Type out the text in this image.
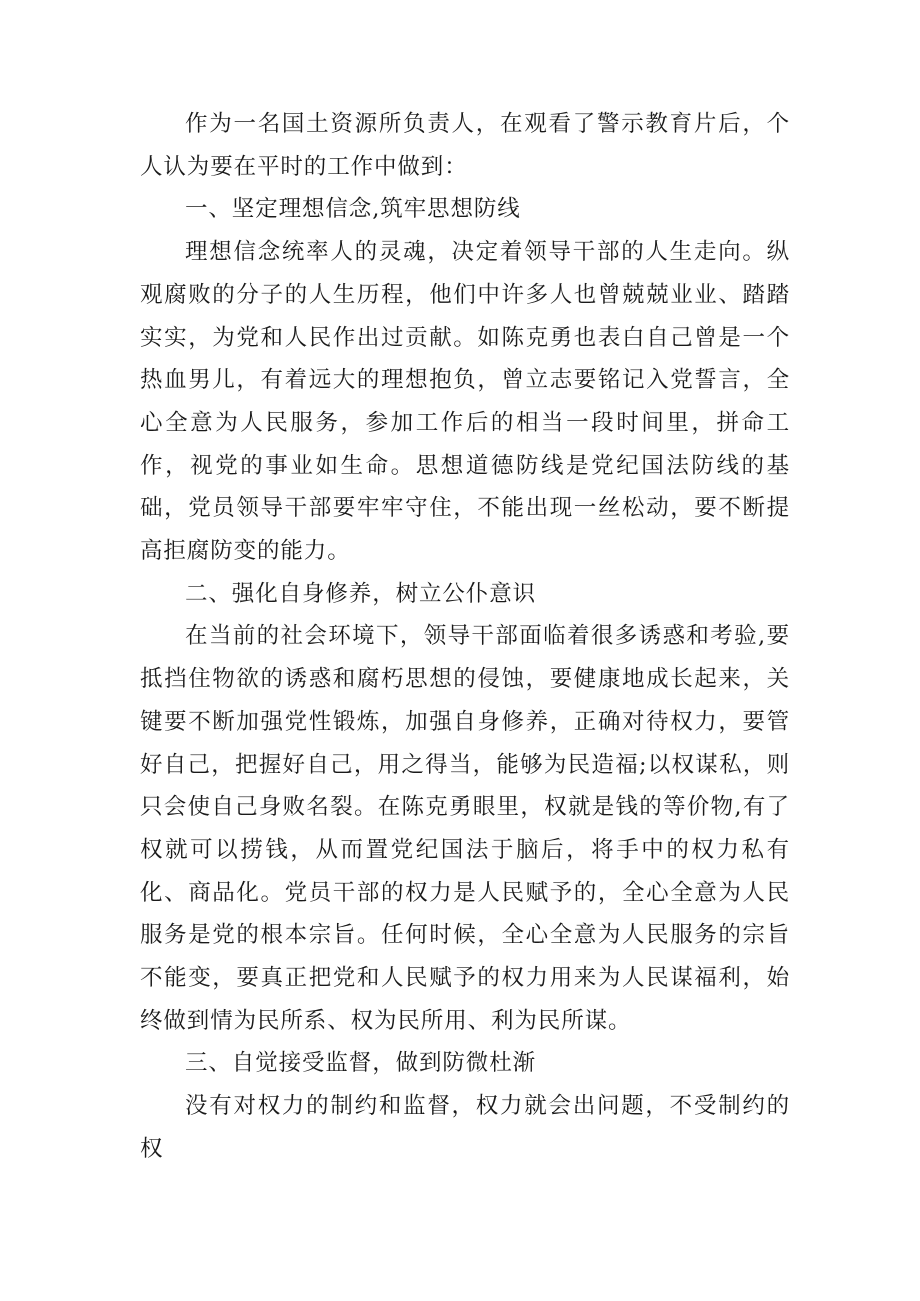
作为一名国土资源所负责人，在观看了警示教育片后，个人认为要在平时的工作中做到：

一、坚定理想信念,筑牢思想防线

理想信念统率人的灵魂，决定着领导干部的人生走向。纵观腐败的分子的人生历程，他们中许多人也曾兢兢业业、踏踏实实，为党和人民作出过贡献。如陈克勇也表白自己曾是一个热血男儿，有着远大的理想抱负，曾立志要铭记入党誓言，全心全意为人民服务，参加工作后的相当一段时间里，拼命工作，视党的事业如生命。思想道德防线是党纪国法防线的基础，党员领导干部要牢牢守住，不能出现一丝松动，要不断提高拒腐防变的能力。

二、强化自身修养，树立公仆意识

在当前的社会环境下，领导干部面临着很多诱惑和考验,要抵挡住物欲的诱惑和腐朽思想的侵蚀，要健康地成长起来，关键要不断加强党性锻炼，加强自身修养，正确对待权力，要管好自己，把握好自己，用之得当，能够为民造福;以权谋私，则只会使自己身败名裂。在陈克勇眼里，权就是钱的等价物,有了权就可以捞钱，从而置党纪国法于脑后，将手中的权力私有化、商品化。党员干部的权力是人民赋予的，全心全意为人民服务是党的根本宗旨。任何时候，全心全意为人民服务的宗旨不能变，要真正把党和人民赋予的权力用来为人民谋福利，始终做到情为民所系、权为民所用、利为民所谋。

三、自觉接受监督，做到防微杜渐

没有对权力的制约和监督，权力就会出问题，不受制约的权
